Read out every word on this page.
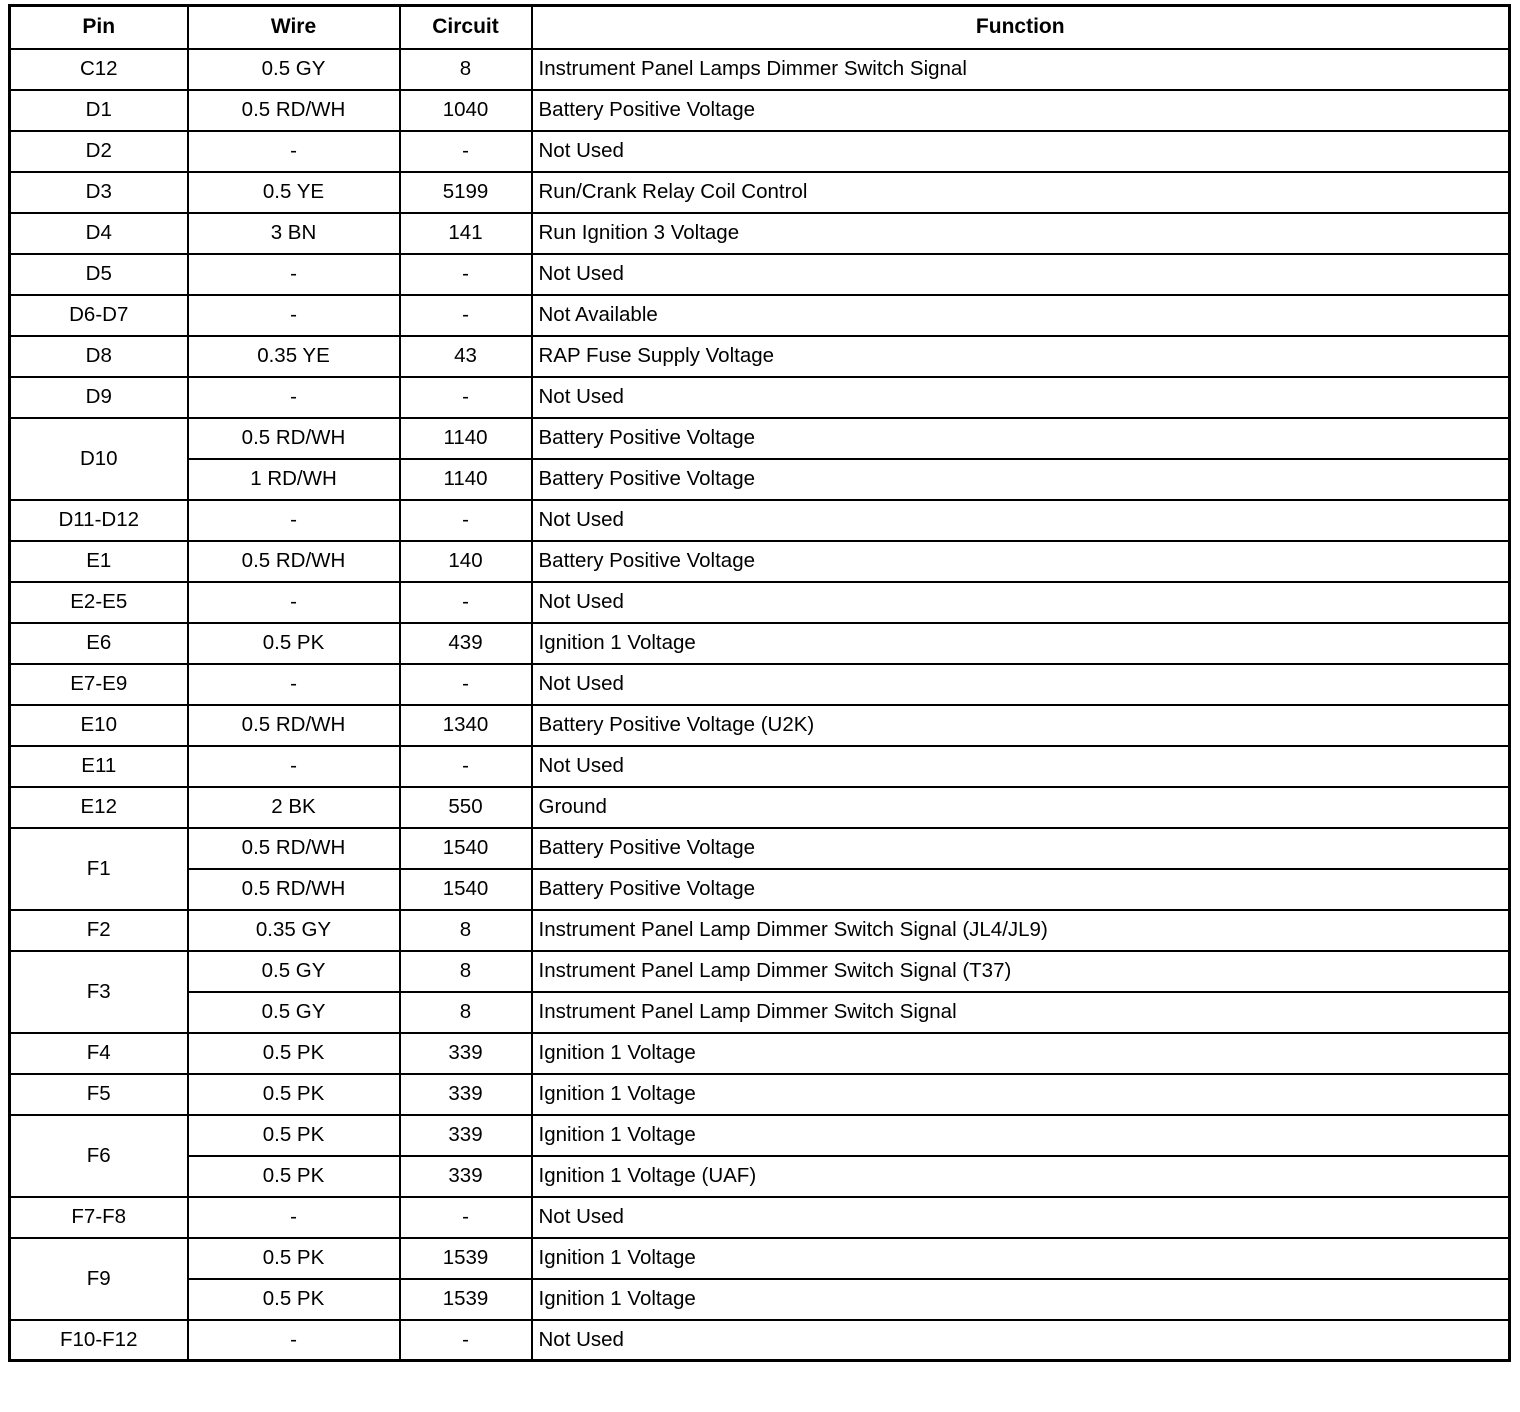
Pin	Wire	Circuit	Function
C12	0.5 GY	8	Instrument Panel Lamps Dimmer Switch Signal
D1	0.5 RD/WH	1040	Battery Positive Voltage
D2	-	-	Not Used
D3	0.5 YE	5199	Run/Crank Relay Coil Control
D4	3 BN	141	Run Ignition 3 Voltage
D5	-	-	Not Used
D6-D7	-	-	Not Available
D8	0.35 YE	43	RAP Fuse Supply Voltage
D9	-	-	Not Used
D10	0.5 RD/WH	1140	Battery Positive Voltage
	1 RD/WH	1140	Battery Positive Voltage
D11-D12	-	-	Not Used
E1	0.5 RD/WH	140	Battery Positive Voltage
E2-E5	-	-	Not Used
E6	0.5 PK	439	Ignition 1 Voltage
E7-E9	-	-	Not Used
E10	0.5 RD/WH	1340	Battery Positive Voltage (U2K)
E11	-	-	Not Used
E12	2 BK	550	Ground
F1	0.5 RD/WH	1540	Battery Positive Voltage
	0.5 RD/WH	1540	Battery Positive Voltage
F2	0.35 GY	8	Instrument Panel Lamp Dimmer Switch Signal (JL4/JL9)
F3	0.5 GY	8	Instrument Panel Lamp Dimmer Switch Signal (T37)
	0.5 GY	8	Instrument Panel Lamp Dimmer Switch Signal
F4	0.5 PK	339	Ignition 1 Voltage
F5	0.5 PK	339	Ignition 1 Voltage
F6	0.5 PK	339	Ignition 1 Voltage
	0.5 PK	339	Ignition 1 Voltage (UAF)
F7-F8	-	-	Not Used
F9	0.5 PK	1539	Ignition 1 Voltage
	0.5 PK	1539	Ignition 1 Voltage
F10-F12	-	-	Not Used
